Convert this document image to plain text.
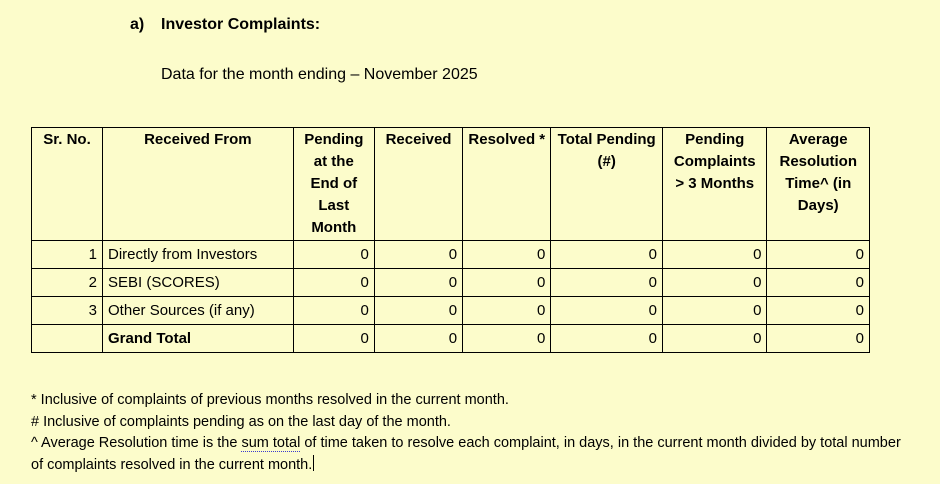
a) Investor Complaints:
Data for the month ending – November 2025
Sr. No.	Received From	Pending at the End of Last Month	Received	Resolved *	Total Pending (#)	Pending Complaints > 3 Months	Average Resolution Time^ (in Days)
1	Directly from Investors	0	0	0	0	0	0
2	SEBI (SCORES)	0	0	0	0	0	0
3	Other Sources (if any)	0	0	0	0	0	0
	Grand Total	0	0	0	0	0	0

* Inclusive of complaints of previous months resolved in the current month.

# Inclusive of complaints pending as on the last day of the month.

^ Average Resolution time is the sum total of time taken to resolve each complaint, in days, in the current month divided by total number of complaints resolved in the current month.
